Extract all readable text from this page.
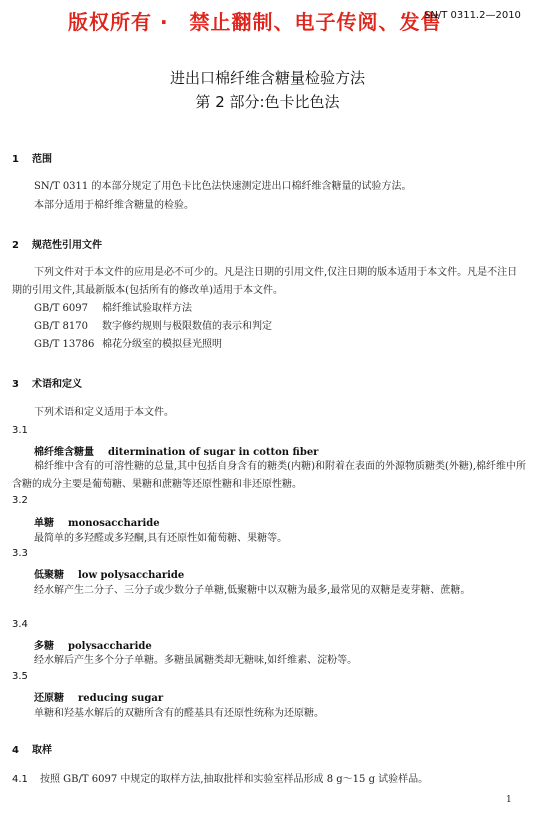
版权所有 ·　禁止翻制、电子传阅、发售
SN/T 0311.2—2010
进出口棉纤维含糖量检验方法
第 2 部分:色卡比色法
1 范围
SN/T 0311 的本部分规定了用色卡比色法快速测定进出口棉纤维含糖量的试验方法。
本部分适用于棉纤维含糖量的检验。
2 规范性引用文件
下列文件对于本文件的应用是必不可少的。凡是注日期的引用文件,仅注日期的版本适用于本文件。凡是不注日期的引用文件,其最新版本(包括所有的修改单)适用于本文件。
GB/T 6097 棉纤维试验取样方法
GB/T 8170 数字修约规则与极限数值的表示和判定
GB/T 13786 棉花分级室的模拟昼光照明
3 术语和定义
下列术语和定义适用于本文件。
3.1
棉纤维含糖量 ditermination of sugar in cotton fiber
棉纤维中含有的可溶性糖的总量,其中包括自身含有的糖类(内糖)和附着在表面的外源物质糖类(外糖),棉纤维中所含糖的成分主要是葡萄糖、果糖和蔗糖等还原性糖和非还原性糖。
3.2
单糖 monosaccharide
最简单的多羟醛或多羟酮,具有还原性如葡萄糖、果糖等。
3.3
低聚糖 low polysaccharide
经水解产生二分子、三分子或少数分子单糖,低聚糖中以双糖为最多,最常见的双糖是麦芽糖、蔗糖。
3.4
多糖 polysaccharide
经水解后产生多个分子单糖。多糖虽属糖类却无糖味,如纤维素、淀粉等。
3.5
还原糖 reducing sugar
单糖和羟基水解后的双糖所含有的醛基具有还原性统称为还原糖。
4 取样
4.1 按照 GB/T 6097 中规定的取样方法,抽取批样和实验室样品形成 8 g～15 g 试验样品。
1
